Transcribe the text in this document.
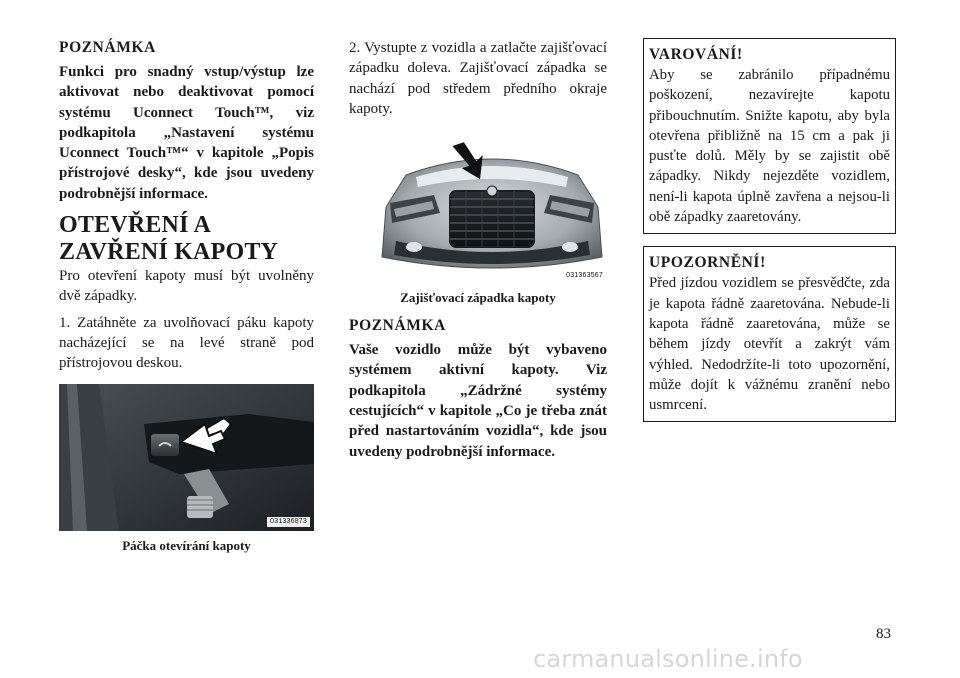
POZNÁMKA
Funkci pro snadný vstup/výstup lze aktivovat nebo deaktivovat pomocí systému Uconnect Touch™, viz podkapitola „Nastavení systému Uconnect Touch™“ v kapitole „Popis přístrojové desky“, kde jsou uvedeny podrobnější informace.
OTEVŘENÍ A ZAVŘENÍ KAPOTY
Pro otevření kapoty musí být uvolněny dvě západky.
1. Zatáhněte za uvolňovací páku kapoty nacházející se na levé straně pod přístrojovou deskou.
031336873
Páčka otevírání kapoty
2. Vystupte z vozidla a zatlačte zajišťovací západku doleva. Zajišťovací západka se nachází pod středem předního okraje kapoty.
031363567
Zajišťovací západka kapoty
POZNÁMKA
Vaše vozidlo může být vybaveno systémem aktivní kapoty. Viz podkapitola „Zádržné systémy cestujících“ v kapitole „Co je třeba znát před nastartováním vozidla“, kde jsou uvedeny podrobnější informace.
VAROVÁNÍ!
Aby se zabránilo případnému poškození, nezavírejte kapotu přibouchnutím. Snižte kapotu, aby byla otevřena přibližně na 15 cm a pak ji pusťte dolů. Měly by se zajistit obě západky. Nikdy nejezděte vozidlem, není-li kapota úplně zavřena a nejsou-li obě západky zaaretovány.
UPOZORNĚNÍ!
Před jízdou vozidlem se přesvědčte, zda je kapota řádně zaaretována. Nebude-li kapota řádně zaaretována, může se během jízdy otevřít a zakrýt vám výhled. Nedodržíte-li toto upozornění, může dojít k vážnému zranění nebo usmrcení.
83
carmanualsonline.info
